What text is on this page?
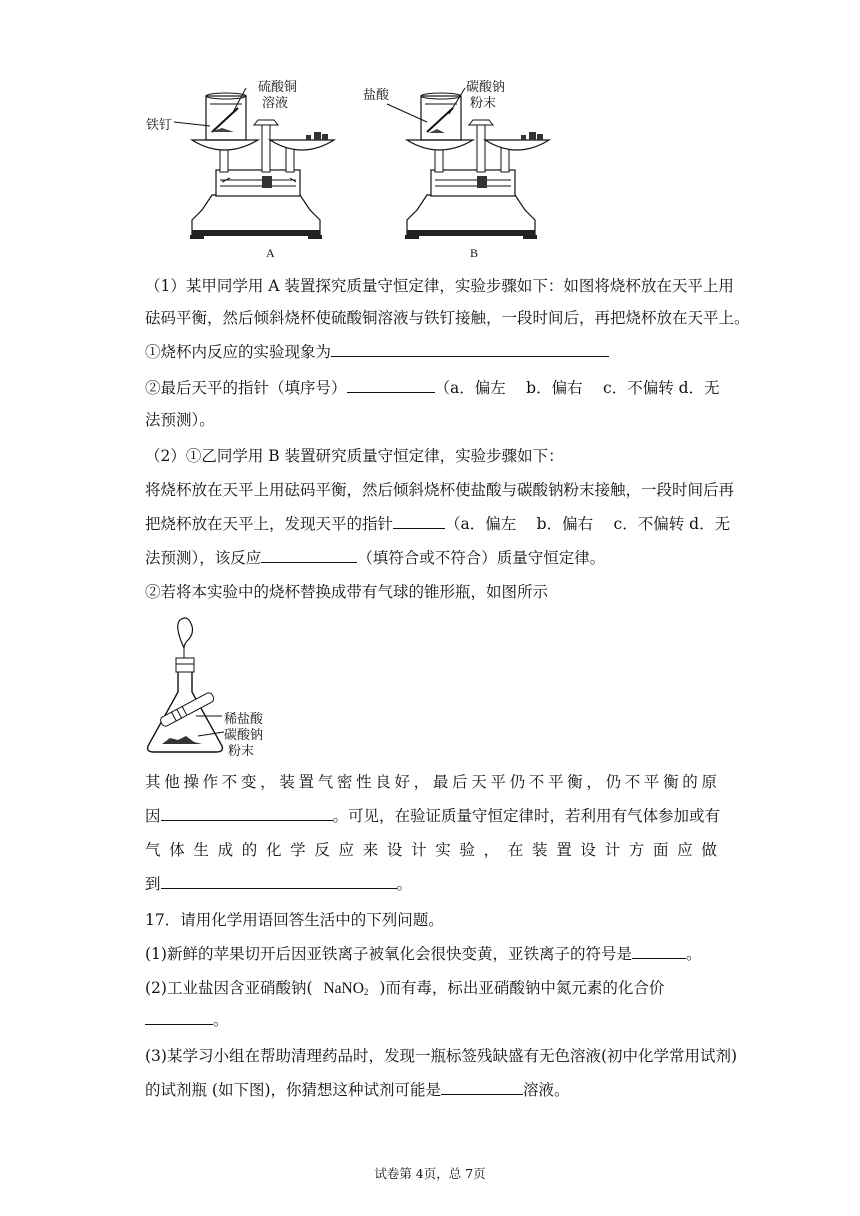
硫酸铜
溶液
铁钉
A
碳酸钠
粉末
盐酸
B
（1）某甲同学用 A 装置探究质量守恒定律，实验步骤如下：如图将烧杯放在天平上用
砝码平衡，然后倾斜烧杯使硫酸铜溶液与铁钉接触，一段时间后，再把烧杯放在天平上。
①烧杯内反应的实验现象为
②最后天平的指针（填序号）	（a．偏左　 b．偏右　 c．不偏转 d．无
法预测）。
（2）①乙同学用 B 装置研究质量守恒定律，实验步骤如下：
将烧杯放在天平上用砝码平衡，然后倾斜烧杯使盐酸与碳酸钠粉末接触，一段时间后再
把烧杯放在天平上，发现天平的指针	（a．偏左　 b．偏右　 c．不偏转 d．无
法预测），该反应	（填符合或不符合）质量守恒定律。
②若将本实验中的烧杯替换成带有气球的锥形瓶，如图所示
稀盐酸
碳酸钠
粉末
其 他 操 作 不 变 ， 装 置 气 密 性 良 好 ， 最 后 天 平 仍 不 平 衡 ， 仍 不 平 衡 的 原
因	。可见，在验证质量守恒定律时，若利用有气体参加或有
气 体 生 成 的 化 学 反 应 来 设 计 实 验 ， 在 装 置 设 计 方 面 应 做
到	。
17．请用化学用语回答生活中的下列问题。
(1)新鲜的苹果切开后因亚铁离子被氧化会很快变黄，亚铁离子的符号是	。
(2)工业盐因含亚硝酸钠( NaNO$_2$ )而有毒，标出亚硝酸钠中氮元素的化合价
。
(3)某学习小组在帮助清理药品时，发现一瓶标签残缺盛有无色溶液(初中化学常用试剂)
的试剂瓶 (如下图)，你猜想这种试剂可能是	溶液。
试卷第 4页，总 7页
